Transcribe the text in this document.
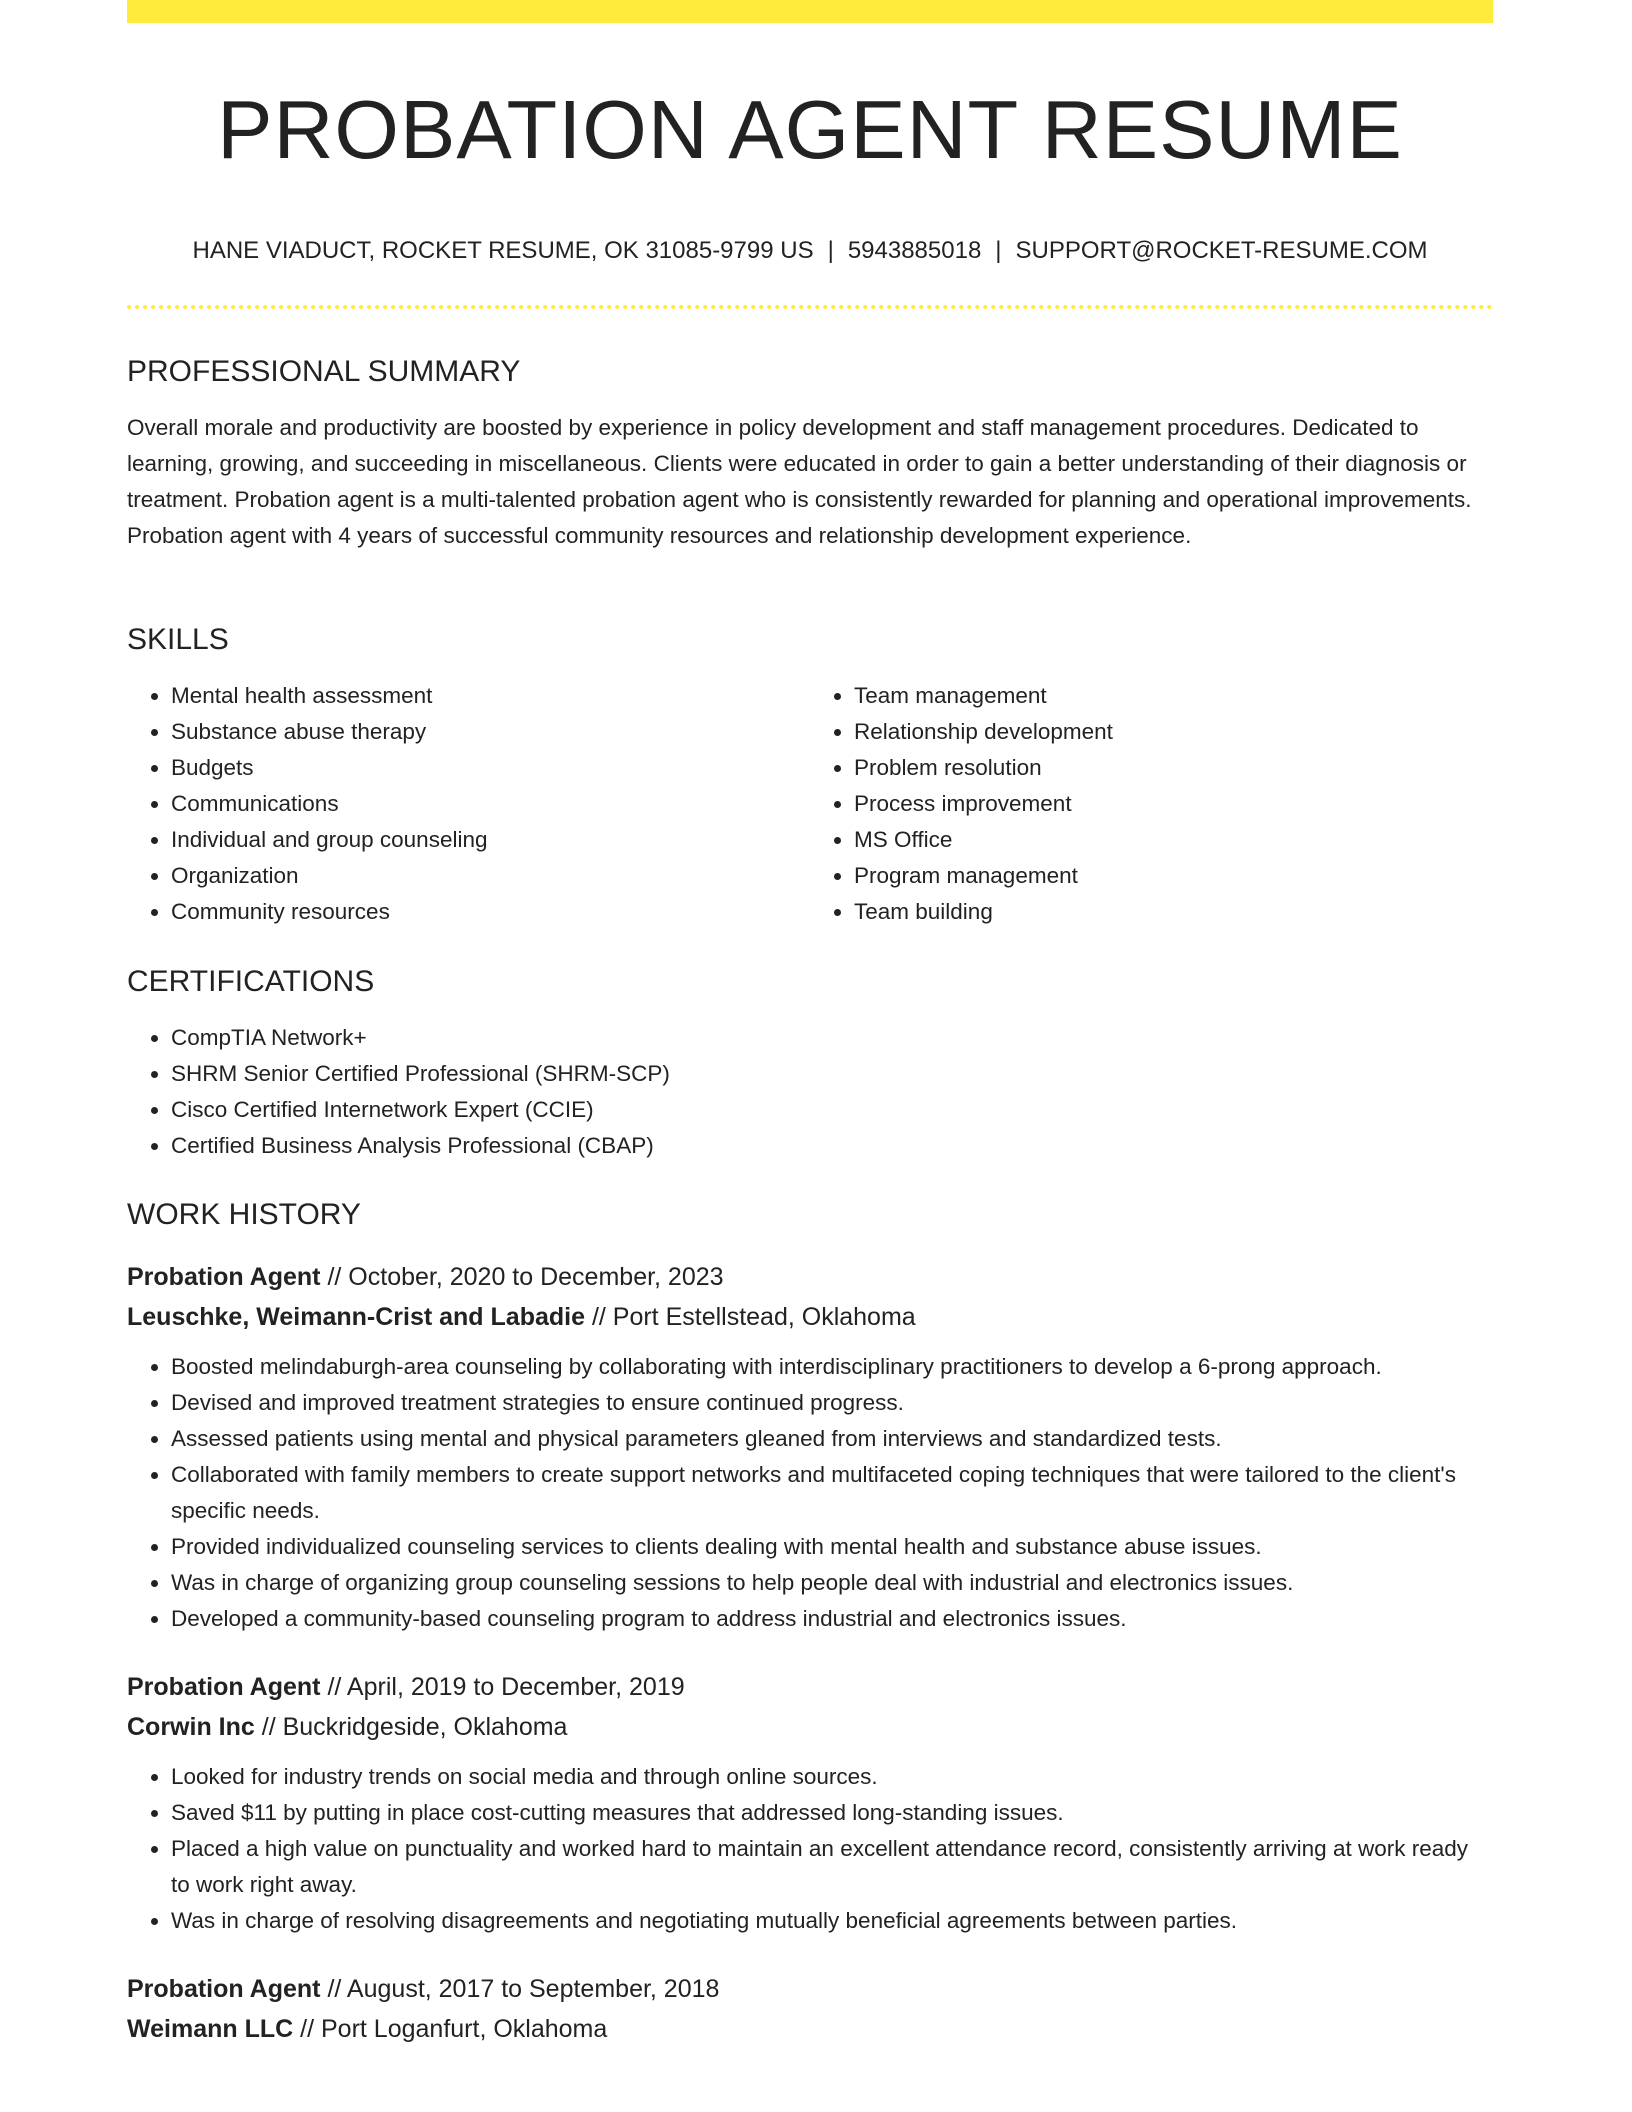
PROBATION AGENT RESUME
HANE VIADUCT, ROCKET RESUME, OK 31085-9799 US | 5943885018 | SUPPORT@ROCKET-RESUME.COM
PROFESSIONAL SUMMARY

Overall morale and productivity are boosted by experience in policy development and staff management procedures. Dedicated to learning, growing, and succeeding in miscellaneous. Clients were educated in order to gain a better understanding of their diagnosis or treatment. Probation agent is a multi-talented probation agent who is consistently rewarded for planning and operational improvements. Probation agent with 4 years of successful community resources and relationship development experience.

SKILLS
• Mental health assessment
• Substance abuse therapy
• Budgets
• Communications
• Individual and group counseling
• Organization
• Community resources
• Team management
• Relationship development
• Problem resolution
• Process improvement
• MS Office
• Program management
• Team building
CERTIFICATIONS
• CompTIA Network+
• SHRM Senior Certified Professional (SHRM-SCP)
• Cisco Certified Internetwork Expert (CCIE)
• Certified Business Analysis Professional (CBAP)
WORK HISTORY
Probation Agent // October, 2020 to December, 2023
Leuschke, Weimann-Crist and Labadie // Port Estellstead, Oklahoma
• Boosted melindaburgh-area counseling by collaborating with interdisciplinary practitioners to develop a 6-prong approach.
• Devised and improved treatment strategies to ensure continued progress.
• Assessed patients using mental and physical parameters gleaned from interviews and standardized tests.
• Collaborated with family members to create support networks and multifaceted coping techniques that were tailored to the client's specific needs.
• Provided individualized counseling services to clients dealing with mental health and substance abuse issues.
• Was in charge of organizing group counseling sessions to help people deal with industrial and electronics issues.
• Developed a community-based counseling program to address industrial and electronics issues.
Probation Agent // April, 2019 to December, 2019
Corwin Inc // Buckridgeside, Oklahoma
• Looked for industry trends on social media and through online sources.
• Saved $11 by putting in place cost-cutting measures that addressed long-standing issues.
• Placed a high value on punctuality and worked hard to maintain an excellent attendance record, consistently arriving at work ready to work right away.
• Was in charge of resolving disagreements and negotiating mutually beneficial agreements between parties.
Probation Agent // August, 2017 to September, 2018
Weimann LLC // Port Loganfurt, Oklahoma
